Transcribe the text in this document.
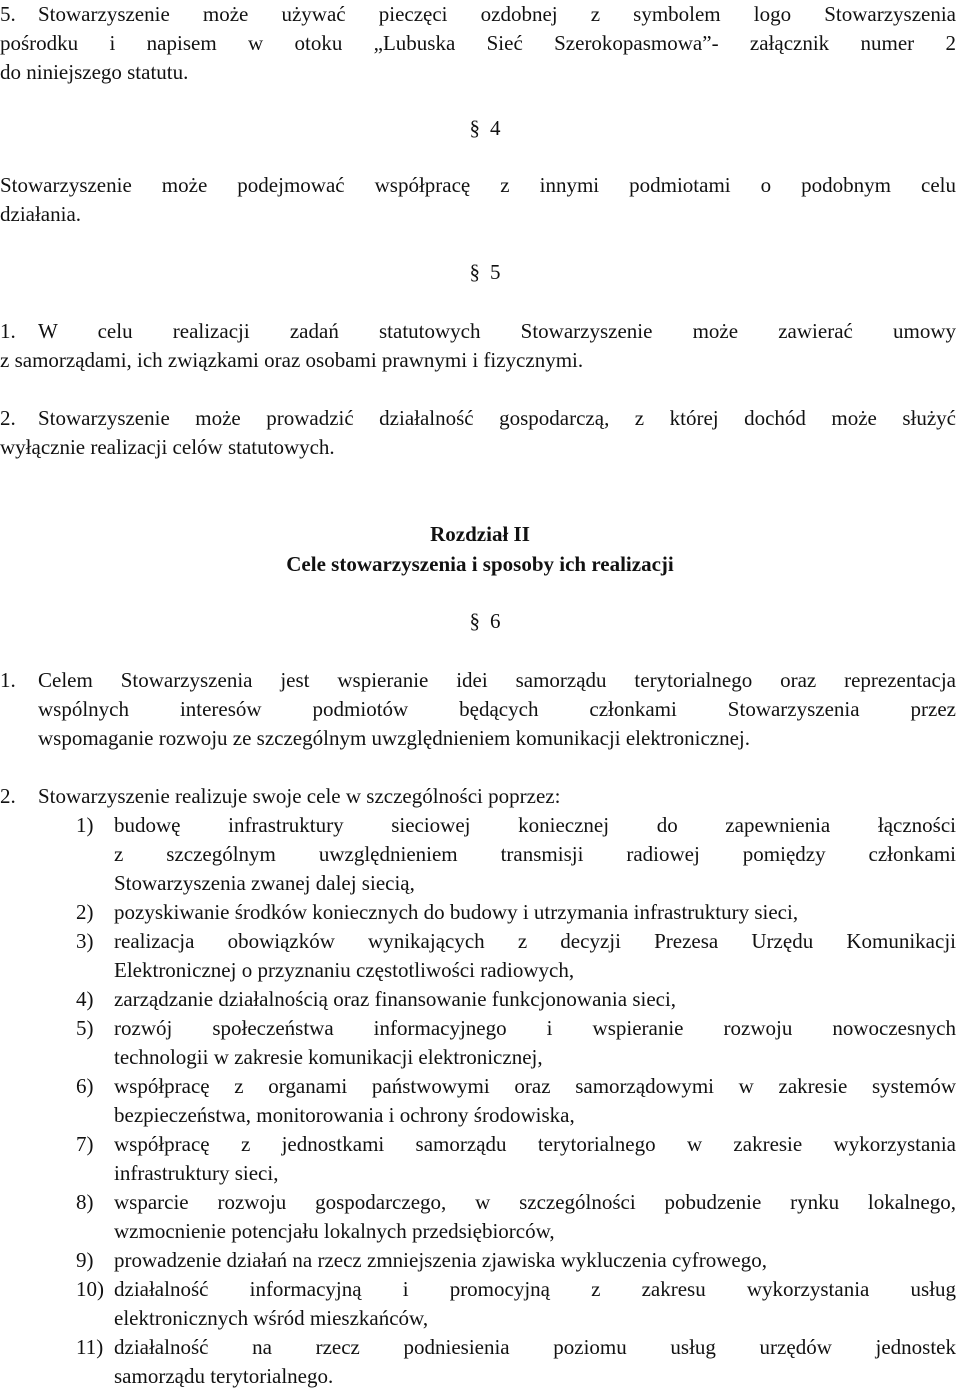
5. Stowarzyszenie może używać pieczęci ozdobnej z symbolem logo Stowarzyszenia
pośrodku i napisem w otoku „Lubuska Sieć Szerokopasmowa”- załącznik numer 2
do niniejszego statutu.
§ 4
Stowarzyszenie może podejmować współpracę z innymi podmiotami o podobnym celu
działania.
§ 5
1. W celu realizacji zadań statutowych Stowarzyszenie może zawierać umowy
z samorządami, ich związkami oraz osobami prawnymi i fizycznymi.
2. Stowarzyszenie może prowadzić działalność gospodarczą, z której dochód może służyć
wyłącznie realizacji celów statutowych.
Rozdział II
Cele stowarzyszenia i sposoby ich realizacji
§ 6
1. Celem Stowarzyszenia jest wspieranie idei samorządu terytorialnego oraz reprezentacja
wspólnych interesów podmiotów będących członkami Stowarzyszenia przez
wspomaganie rozwoju ze szczególnym uwzględnieniem komunikacji elektronicznej.
2. Stowarzyszenie realizuje swoje cele w szczególności poprzez:
1) budowę infrastruktury sieciowej koniecznej do zapewnienia łączności
z szczególnym uwzględnieniem transmisji radiowej pomiędzy członkami
Stowarzyszenia zwanej dalej siecią,
2) pozyskiwanie środków koniecznych do budowy i utrzymania infrastruktury sieci,
3) realizacja obowiązków wynikających z decyzji Prezesa Urzędu Komunikacji
Elektronicznej o przyznaniu częstotliwości radiowych,
4) zarządzanie działalnością oraz finansowanie funkcjonowania sieci,
5) rozwój społeczeństwa informacyjnego i wspieranie rozwoju nowoczesnych
technologii w zakresie komunikacji elektronicznej,
6) współpracę z organami państwowymi oraz samorządowymi w zakresie systemów
bezpieczeństwa, monitorowania i ochrony środowiska,
7) współpracę z jednostkami samorządu terytorialnego w zakresie wykorzystania
infrastruktury sieci,
8) wsparcie rozwoju gospodarczego, w szczególności pobudzenie rynku lokalnego,
wzmocnienie potencjału lokalnych przedsiębiorców,
9) prowadzenie działań na rzecz zmniejszenia zjawiska wykluczenia cyfrowego,
10) działalność informacyjną i promocyjną z zakresu wykorzystania usług
elektronicznych wśród mieszkańców,
11) działalność na rzecz podniesienia poziomu usług urzędów jednostek
samorządu terytorialnego.
